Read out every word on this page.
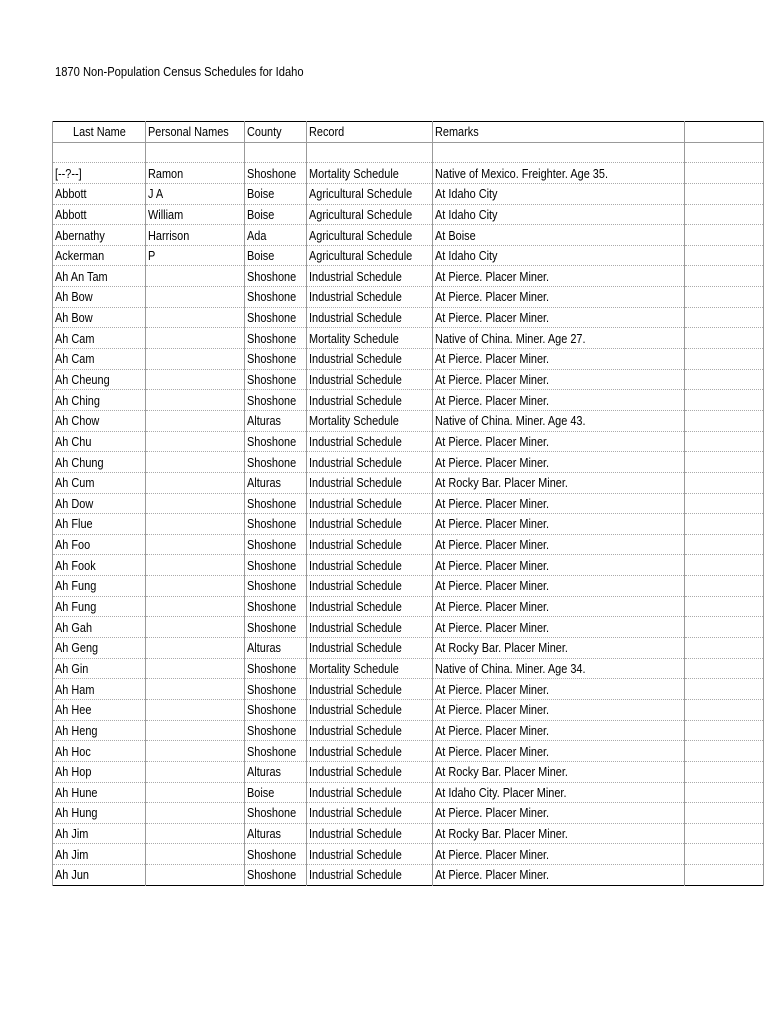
1870 Non-Population Census Schedules for Idaho
Last Name	Personal Names	County	Record	Remarks	

[--?--]	Ramon	Shoshone	Mortality Schedule	Native of Mexico. Freighter. Age 35.	
Abbott	J A	Boise	Agricultural Schedule	At Idaho City	
Abbott	William	Boise	Agricultural Schedule	At Idaho City	
Abernathy	Harrison	Ada	Agricultural Schedule	At Boise	
Ackerman	P	Boise	Agricultural Schedule	At Idaho City	
Ah An Tam		Shoshone	Industrial Schedule	At Pierce. Placer Miner.	
Ah Bow		Shoshone	Industrial Schedule	At Pierce. Placer Miner.	
Ah Bow		Shoshone	Industrial Schedule	At Pierce. Placer Miner.	
Ah Cam		Shoshone	Mortality Schedule	Native of China. Miner. Age 27.	
Ah Cam		Shoshone	Industrial Schedule	At Pierce. Placer Miner.	
Ah Cheung		Shoshone	Industrial Schedule	At Pierce. Placer Miner.	
Ah Ching		Shoshone	Industrial Schedule	At Pierce. Placer Miner.	
Ah Chow		Alturas	Mortality Schedule	Native of China. Miner. Age 43.	
Ah Chu		Shoshone	Industrial Schedule	At Pierce. Placer Miner.	
Ah Chung		Shoshone	Industrial Schedule	At Pierce. Placer Miner.	
Ah Cum		Alturas	Industrial Schedule	At Rocky Bar. Placer Miner.	
Ah Dow		Shoshone	Industrial Schedule	At Pierce. Placer Miner.	
Ah Flue		Shoshone	Industrial Schedule	At Pierce. Placer Miner.	
Ah Foo		Shoshone	Industrial Schedule	At Pierce. Placer Miner.	
Ah Fook		Shoshone	Industrial Schedule	At Pierce. Placer Miner.	
Ah Fung		Shoshone	Industrial Schedule	At Pierce. Placer Miner.	
Ah Fung		Shoshone	Industrial Schedule	At Pierce. Placer Miner.	
Ah Gah		Shoshone	Industrial Schedule	At Pierce. Placer Miner.	
Ah Geng		Alturas	Industrial Schedule	At Rocky Bar. Placer Miner.	
Ah Gin		Shoshone	Mortality Schedule	Native of China. Miner. Age 34.	
Ah Ham		Shoshone	Industrial Schedule	At Pierce. Placer Miner.	
Ah Hee		Shoshone	Industrial Schedule	At Pierce. Placer Miner.	
Ah Heng		Shoshone	Industrial Schedule	At Pierce. Placer Miner.	
Ah Hoc		Shoshone	Industrial Schedule	At Pierce. Placer Miner.	
Ah Hop		Alturas	Industrial Schedule	At Rocky Bar. Placer Miner.	
Ah Hune		Boise	Industrial Schedule	At Idaho City. Placer Miner.	
Ah Hung		Shoshone	Industrial Schedule	At Pierce. Placer Miner.	
Ah Jim		Alturas	Industrial Schedule	At Rocky Bar. Placer Miner.	
Ah Jim		Shoshone	Industrial Schedule	At Pierce. Placer Miner.	
Ah Jun		Shoshone	Industrial Schedule	At Pierce. Placer Miner.	
